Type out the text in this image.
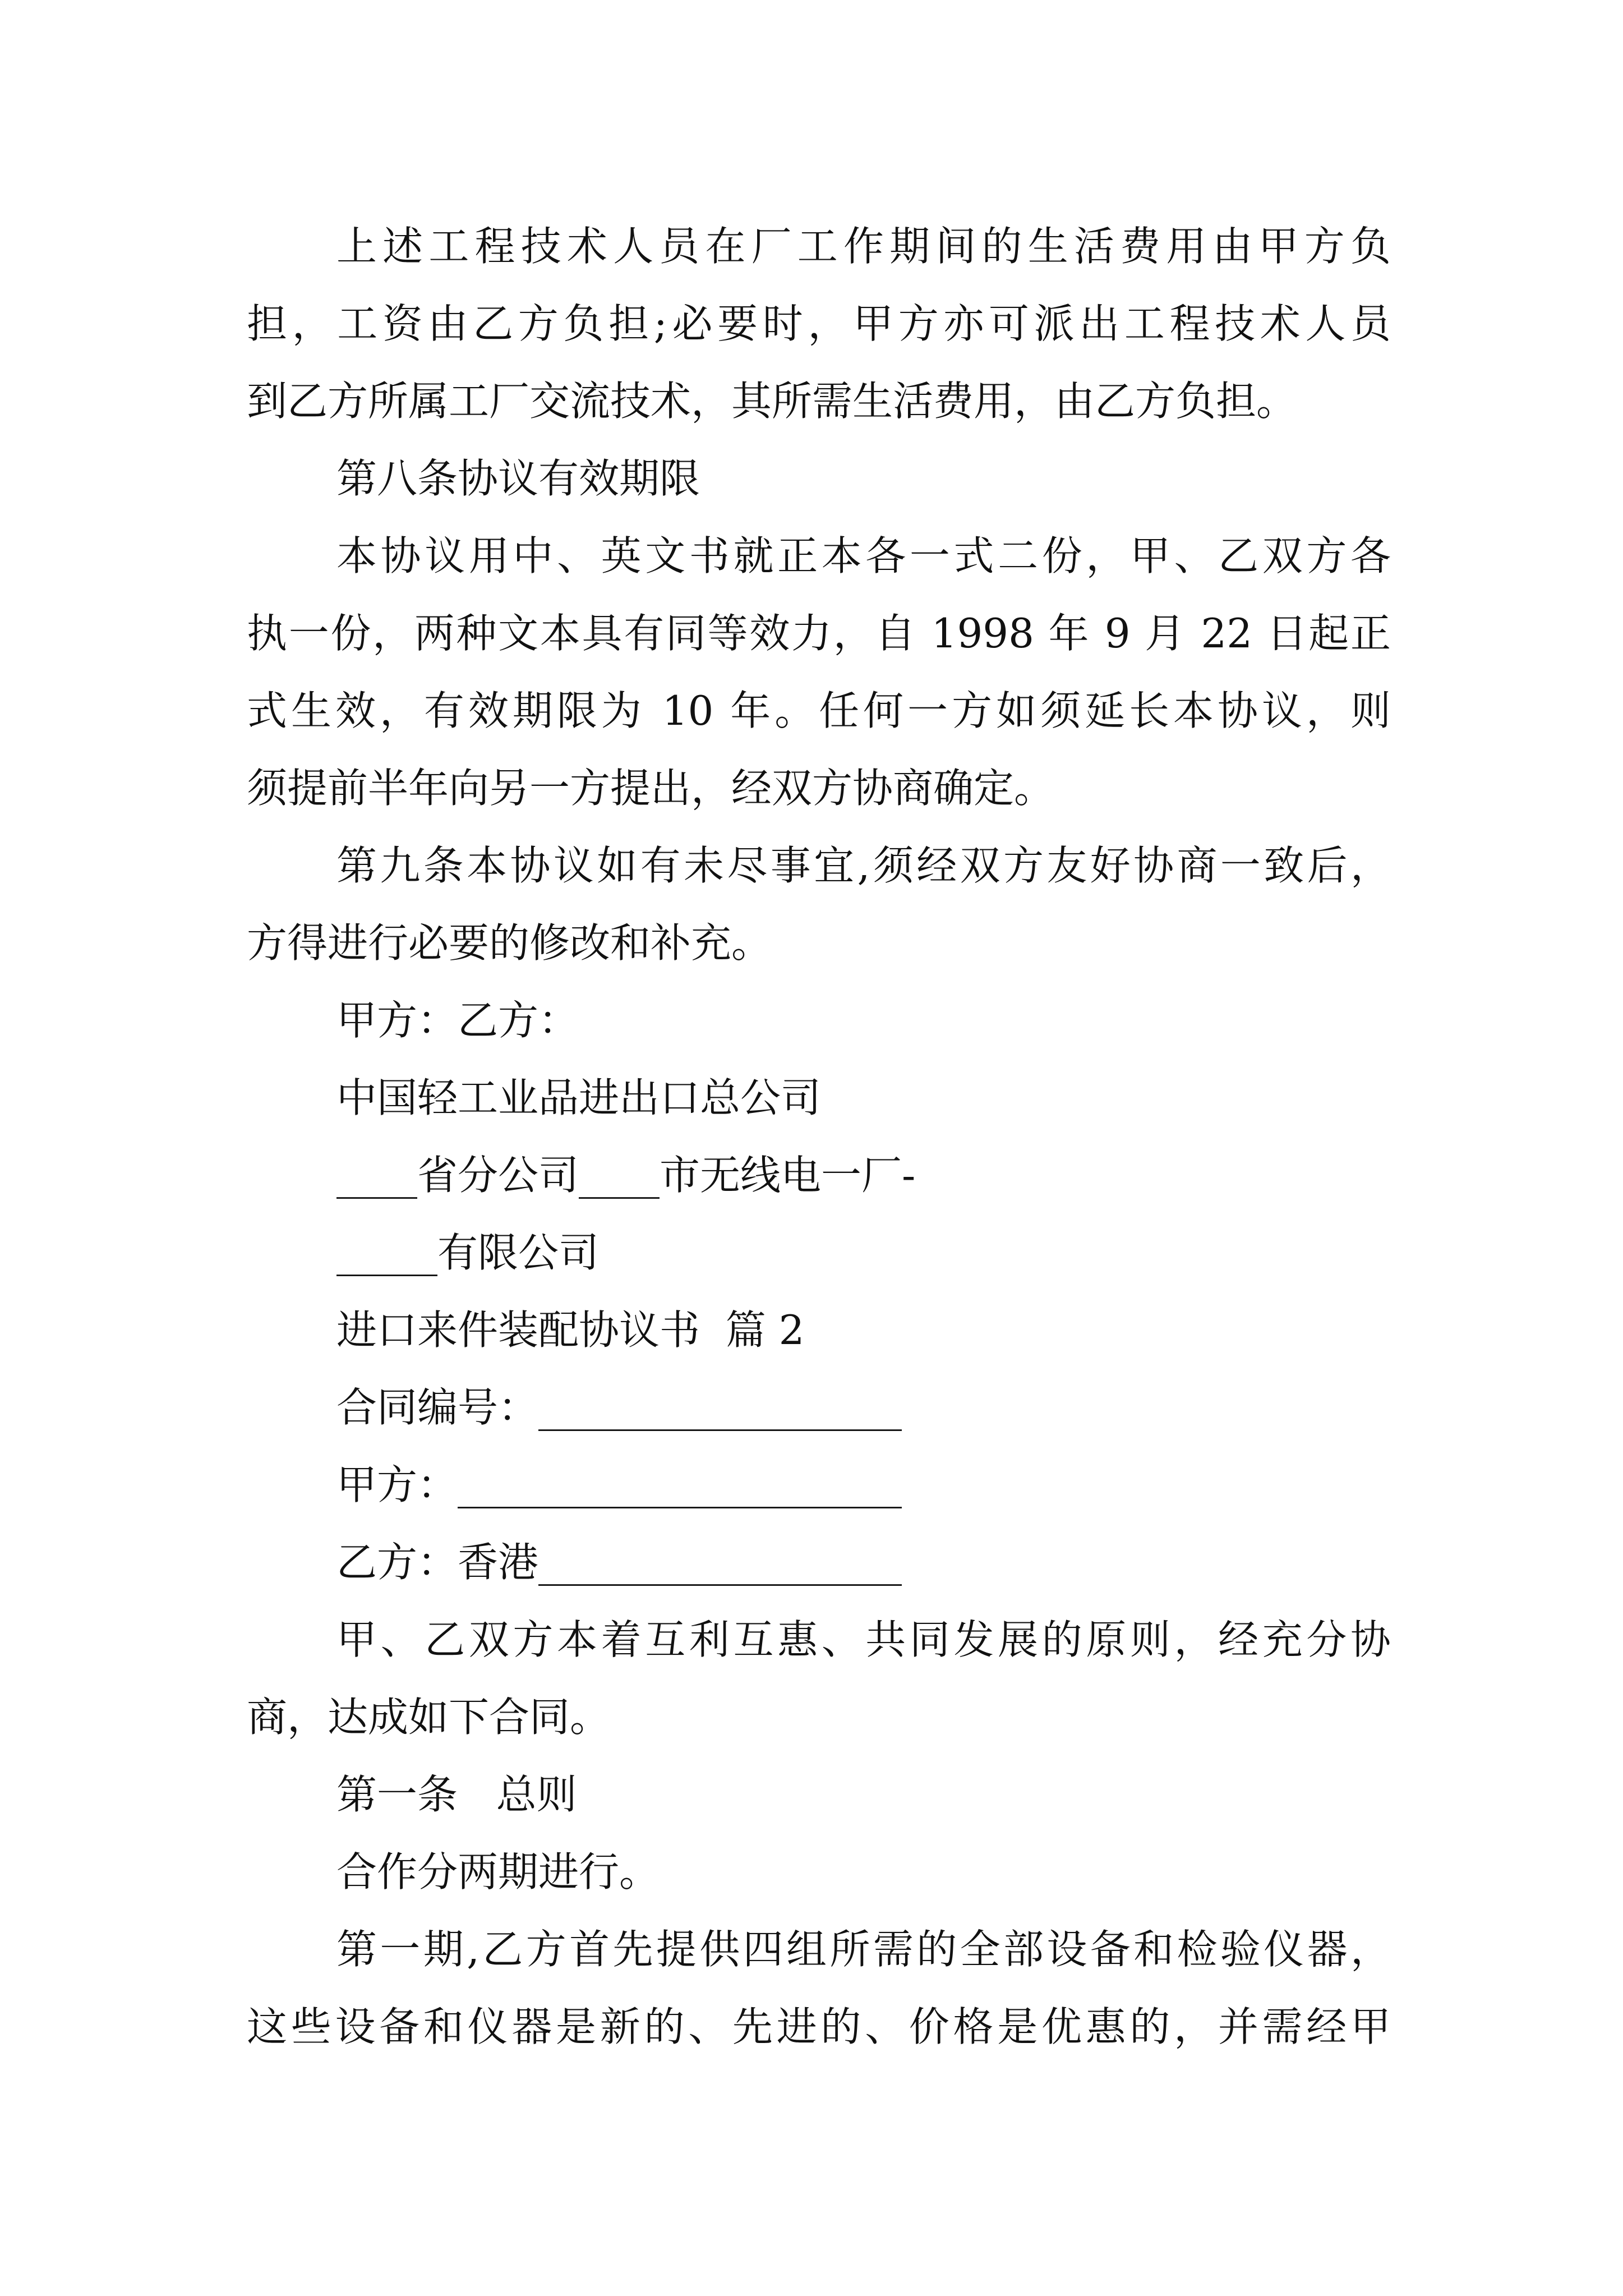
上述工程技术人员在厂工作期间的生活费用由甲方负
担，工资由乙方负担;必要时，甲方亦可派出工程技术人员
到乙方所属工厂交流技术，其所需生活费用，由乙方负担。
第八条协议有效期限
本协议用中、英文书就正本各一式二份，甲、乙双方各
执一份，两种文本具有同等效力，自 1998 年 9 月 22 日起正
式生效，有效期限为 10 年。任何一方如须延长本协议，则
须提前半年向另一方提出，经双方协商确定。
第九条本协议如有未尽事宜,须经双方友好协商一致后，
方得进行必要的修改和补充。
甲方：乙方：
中国轻工业品进出口总公司
____省分公司____市无线电一厂-
_____有限公司
进口来件装配协议书  篇 2
合同编号：__________________
甲方：______________________
乙方：香港__________________
甲、乙双方本着互利互惠、共同发展的原则，经充分协
商，达成如下合同。
第一条   总则
合作分两期进行。
第一期,乙方首先提供四组所需的全部设备和检验仪器，
这些设备和仪器是新的、先进的、价格是优惠的，并需经甲
